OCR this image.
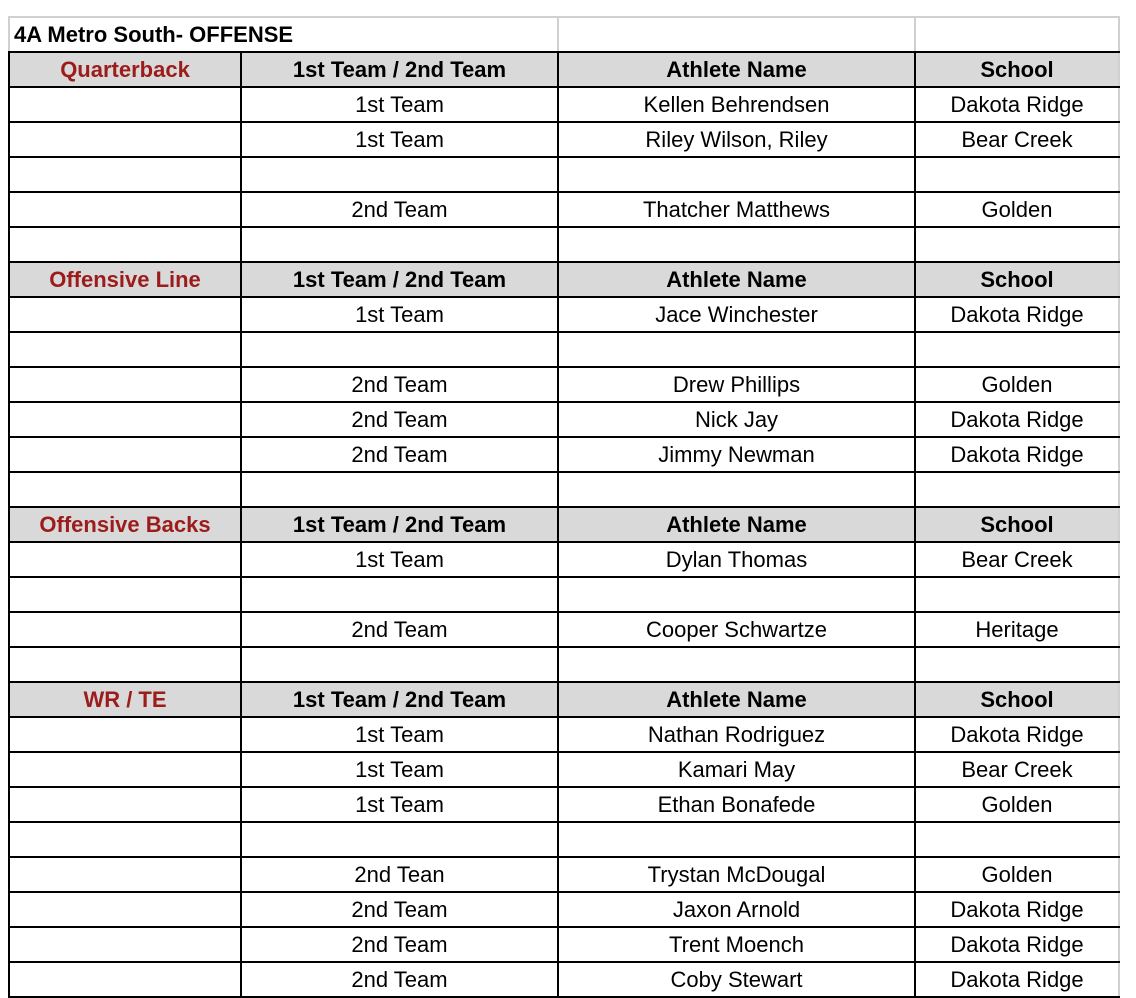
4A Metro South- OFFENSE			
Quarterback	1st Team / 2nd Team	Athlete Name	School
	1st Team	Kellen Behrendsen	Dakota Ridge
	1st Team	Riley Wilson, Riley	Bear Creek

	2nd Team	Thatcher Matthews	Golden

Offensive Line	1st Team / 2nd Team	Athlete Name	School
	1st Team	Jace Winchester	Dakota Ridge

	2nd Team	Drew Phillips	Golden
	2nd Team	Nick Jay	Dakota Ridge
	2nd Team	Jimmy Newman	Dakota Ridge

Offensive Backs	1st Team / 2nd Team	Athlete Name	School
	1st Team	Dylan Thomas	Bear Creek

	2nd Team	Cooper Schwartze	Heritage

WR / TE	1st Team / 2nd Team	Athlete Name	School
	1st Team	Nathan Rodriguez	Dakota Ridge
	1st Team	Kamari May	Bear Creek
	1st Team	Ethan Bonafede	Golden

	2nd Tean	Trystan McDougal	Golden
	2nd Team	Jaxon Arnold	Dakota Ridge
	2nd Team	Trent Moench	Dakota Ridge
	2nd Team	Coby Stewart	Dakota Ridge
